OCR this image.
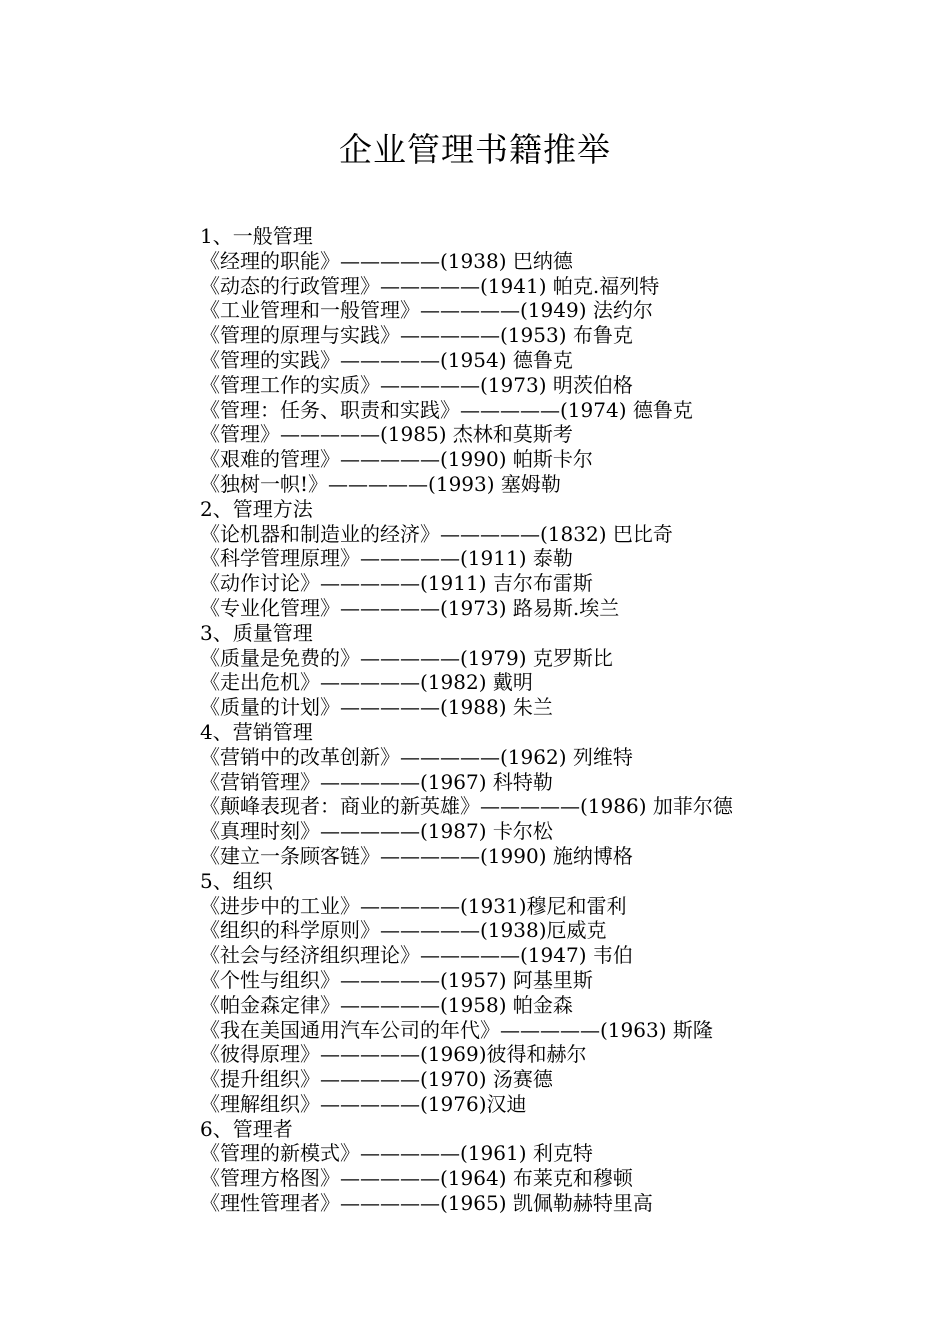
企业管理书籍推举
1、一般管理
《经理的职能》—————(1938) 巴纳德
《动态的行政管理》—————(1941) 帕克.福列特
《工业管理和一般管理》—————(1949) 法约尔
《管理的原理与实践》—————(1953) 布鲁克
《管理的实践》—————(1954) 德鲁克
《管理工作的实质》—————(1973) 明茨伯格
《管理：任务、职责和实践》—————(1974) 德鲁克
《管理》—————(1985) 杰林和莫斯考
《艰难的管理》—————(1990) 帕斯卡尔
《独树一帜!》—————(1993) 塞姆勒
2、管理方法
《论机器和制造业的经济》—————(1832) 巴比奇
《科学管理原理》—————(1911) 泰勒
《动作讨论》—————(1911) 吉尔布雷斯
《专业化管理》—————(1973) 路易斯.埃兰
3、质量管理
《质量是免费的》—————(1979) 克罗斯比
《走出危机》—————(1982) 戴明
《质量的计划》—————(1988) 朱兰
4、营销管理
《营销中的改革创新》—————(1962) 列维特
《营销管理》—————(1967) 科特勒
《颠峰表现者：商业的新英雄》—————(1986) 加菲尔德
《真理时刻》—————(1987) 卡尔松
《建立一条顾客链》—————(1990) 施纳博格
5、组织
《进步中的工业》—————(1931)穆尼和雷利
《组织的科学原则》—————(1938)厄威克
《社会与经济组织理论》—————(1947) 韦伯
《个性与组织》—————(1957) 阿基里斯
《帕金森定律》—————(1958) 帕金森
《我在美国通用汽车公司的年代》—————(1963) 斯隆
《彼得原理》—————(1969)彼得和赫尔
《提升组织》—————(1970) 汤赛德
《理解组织》—————(1976)汉迪
6、管理者
《管理的新模式》—————(1961) 利克特
《管理方格图》—————(1964) 布莱克和穆顿
《理性管理者》—————(1965) 凯佩勒赫特里高
